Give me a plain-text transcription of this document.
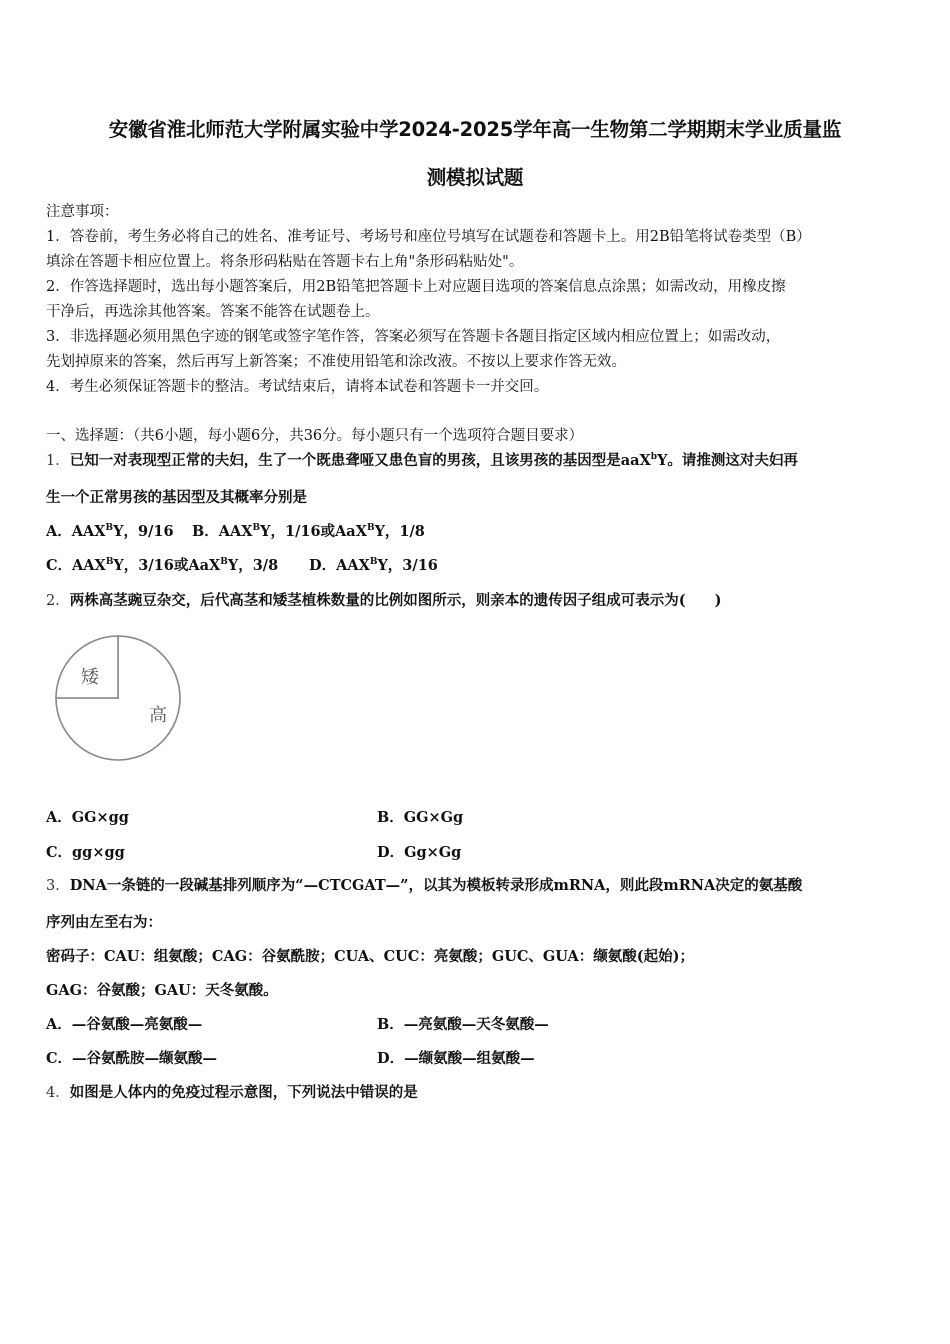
安徽省淮北师范大学附属实验中学2024-2025学年高一生物第二学期期末学业质量监
测模拟试题
注意事项：
1．答卷前，考生务必将自己的姓名、准考证号、考场号和座位号填写在试题卷和答题卡上。用2B铅笔将试卷类型（B）
填涂在答题卡相应位置上。将条形码粘贴在答题卡右上角"条形码粘贴处"。
2．作答选择题时，选出每小题答案后，用2B铅笔把答题卡上对应题目选项的答案信息点涂黑；如需改动，用橡皮擦
干净后，再选涂其他答案。答案不能答在试题卷上。
3．非选择题必须用黑色字迹的钢笔或签字笔作答，答案必须写在答题卡各题目指定区域内相应位置上；如需改动，
先划掉原来的答案，然后再写上新答案；不准使用铅笔和涂改液。不按以上要求作答无效。
4．考生必须保证答题卡的整洁。考试结束后，请将本试卷和答题卡一并交回。
一、选择题：（共6小题，每小题6分，共36分。每小题只有一个选项符合题目要求）
1．已知一对表现型正常的夫妇，生了一个既患聋哑又患色盲的男孩，且该男孩的基因型是aaX$^b$Y。请推测这对夫妇再
生一个正常男孩的基因型及其概率分别是
A．$AAX^BY$，9/16 B．$AAX^BY$，1/16或AaX$^B$Y，1/8
C．$AAX^BY$，3/16或AaX$^B$Y，3/8 D．$AAX^BY$，3/16
2．两株高茎豌豆杂交，后代高茎和矮茎植株数量的比例如图所示，则亲本的遗传因子组成可表示为(　　)
高
矮
A．GG×gg	B．GG×Gg
C．gg×gg	D．Gg×Gg
3．DNA一条链的一段碱基排列顺序为“—CTCGAT—”，以其为模板转录形成mRNA，则此段mRNA决定的氨基酸
序列由左至右为：
密码子：CAU：组氨酸；CAG：谷氨酰胺；CUA、CUC：亮氨酸；GUC、GUA：缬氨酸(起始)；
GAG：谷氨酸；GAU：天冬氨酸。
A．—谷氨酸—亮氨酸—	B．—亮氨酸—天冬氨酸—
C．—谷氨酰胺—缬氨酸—	D．—缬氨酸—组氨酸—
4．如图是人体内的免疫过程示意图，下列说法中错误的是
